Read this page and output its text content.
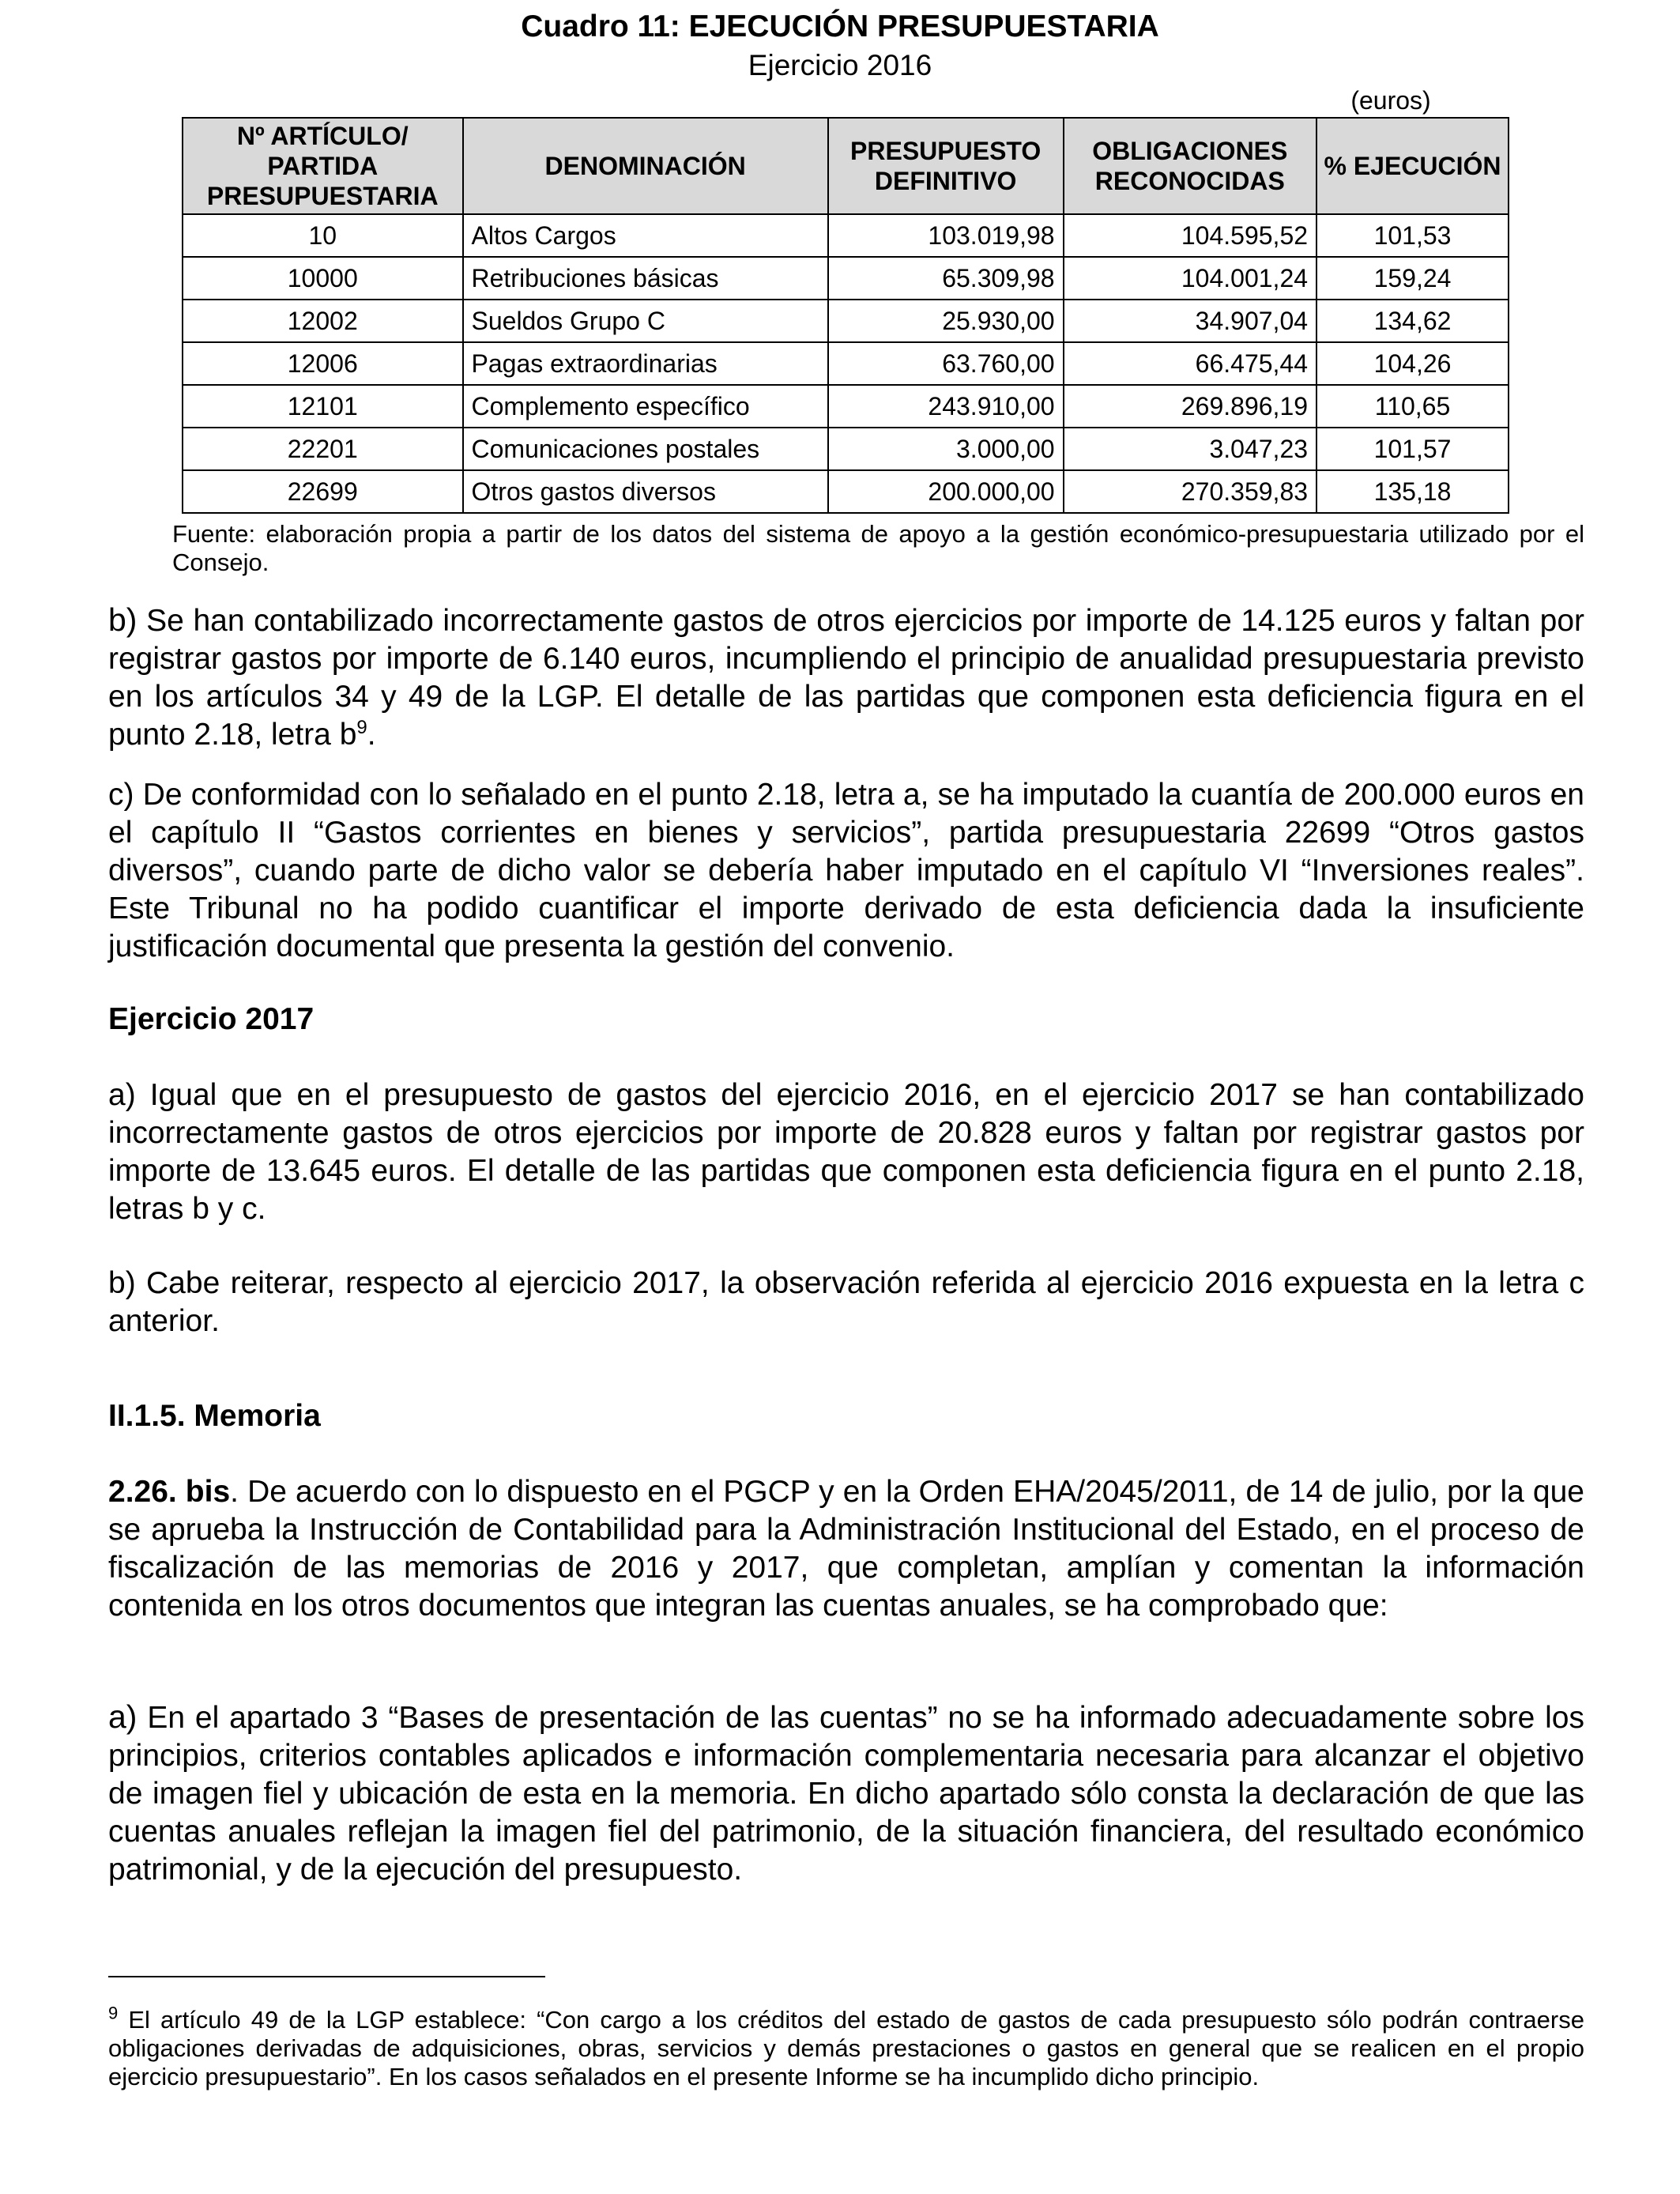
Cuadro 11: EJECUCIÓN PRESUPUESTARIA
Ejercicio 2016
(euros)
Nº ARTÍCULO/ PARTIDA PRESUPUESTARIA	DENOMINACIÓN	PRESUPUESTO DEFINITIVO	OBLIGACIONES RECONOCIDAS	% EJECUCIÓN
10	Altos Cargos	103.019,98	104.595,52	101,53
10000	Retribuciones básicas	65.309,98	104.001,24	159,24
12002	Sueldos Grupo C	25.930,00	34.907,04	134,62
12006	Pagas extraordinarias	63.760,00	66.475,44	104,26
12101	Complemento específico	243.910,00	269.896,19	110,65
22201	Comunicaciones postales	3.000,00	3.047,23	101,57
22699	Otros gastos diversos	200.000,00	270.359,83	135,18
Fuente: elaboración propia a partir de los datos del sistema de apoyo a la gestión económico-presupuestaria utilizado por el Consejo.

b) Se han contabilizado incorrectamente gastos de otros ejercicios por importe de 14.125 euros y faltan por registrar gastos por importe de 6.140 euros, incumpliendo el principio de anualidad presupuestaria previsto en los artículos 34 y 49 de la LGP. El detalle de las partidas que componen esta deficiencia figura en el punto 2.18, letra $b^9$.

c) De conformidad con lo señalado en el punto 2.18, letra a, se ha imputado la cuantía de 200.000 euros en el capítulo II “Gastos corrientes en bienes y servicios”, partida presupuestaria 22699 “Otros gastos diversos”, cuando parte de dicho valor se debería haber imputado en el capítulo VI “Inversiones reales”. Este Tribunal no ha podido cuantificar el importe derivado de esta deficiencia dada la insuficiente justificación documental que presenta la gestión del convenio.

Ejercicio 2017

a) Igual que en el presupuesto de gastos del ejercicio 2016, en el ejercicio 2017 se han contabilizado incorrectamente gastos de otros ejercicios por importe de 20.828 euros y faltan por registrar gastos por importe de 13.645 euros. El detalle de las partidas que componen esta deficiencia figura en el punto 2.18, letras b y c.

b) Cabe reiterar, respecto al ejercicio 2017, la observación referida al ejercicio 2016 expuesta en la letra c anterior.

II.1.5. Memoria

2.26. bis. De acuerdo con lo dispuesto en el PGCP y en la Orden EHA/2045/2011, de 14 de julio, por la que se aprueba la Instrucción de Contabilidad para la Administración Institucional del Estado, en el proceso de fiscalización de las memorias de 2016 y 2017, que completan, amplían y comentan la información contenida en los otros documentos que integran las cuentas anuales, se ha comprobado que:

a) En el apartado 3 “Bases de presentación de las cuentas” no se ha informado adecuadamente sobre los principios, criterios contables aplicados e información complementaria necesaria para alcanzar el objetivo de imagen fiel y ubicación de esta en la memoria. En dicho apartado sólo consta la declaración de que las cuentas anuales reflejan la imagen fiel del patrimonio, de la situación financiera, del resultado económico patrimonial, y de la ejecución del presupuesto.

$^9$ El artículo 49 de la LGP establece: “Con cargo a los créditos del estado de gastos de cada presupuesto sólo podrán contraerse obligaciones derivadas de adquisiciones, obras, servicios y demás prestaciones o gastos en general que se realicen en el propio ejercicio presupuestario”. En los casos señalados en el presente Informe se ha incumplido dicho principio.
